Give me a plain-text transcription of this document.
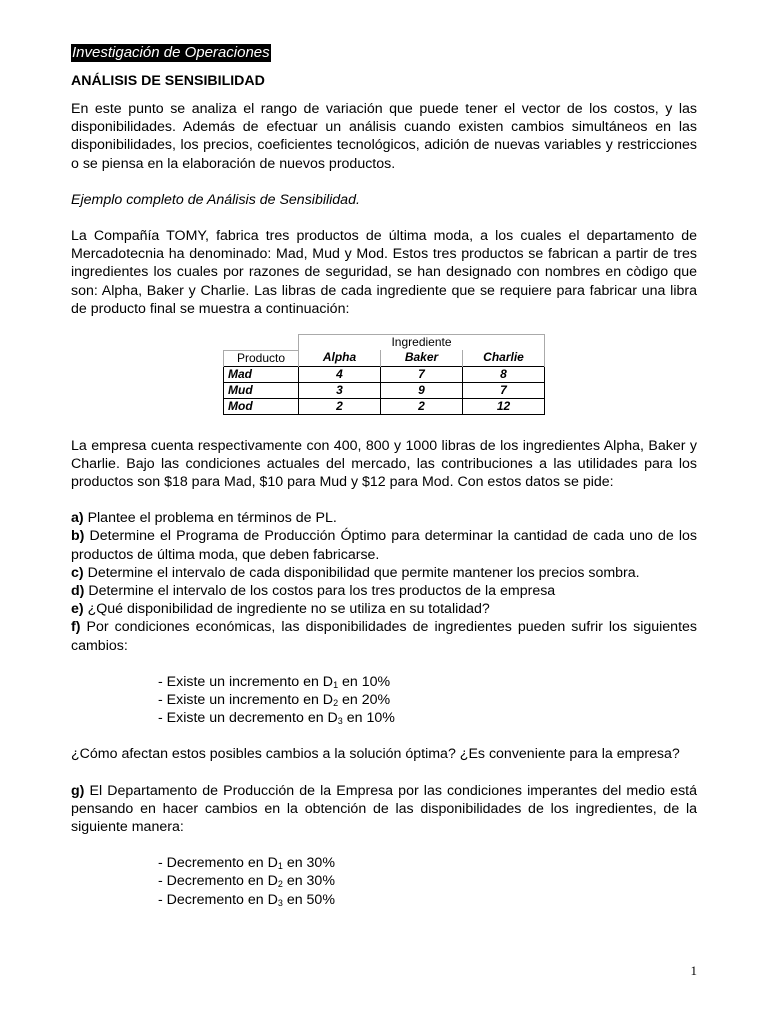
Investigación de Operaciones
ANÁLISIS DE SENSIBILIDAD

En este punto se analiza el rango de variación que puede tener el vector de los costos, y las disponibilidades. Además de efectuar un análisis cuando existen cambios simultáneos en las disponibilidades, los precios, coeficientes tecnológicos, adición de nuevas variables y restricciones o se piensa en la elaboración de nuevos productos.

Ejemplo completo de Análisis de Sensibilidad.

La Compañía TOMY, fabrica tres productos de última moda, a los cuales el departamento de Mercadotecnia ha denominado: Mad, Mud y Mod. Estos tres productos se fabrican a partir de tres ingredientes los cuales por razones de seguridad, se han designado con nombres en còdigo que son: Alpha, Baker y Charlie. Las libras de cada ingrediente que se requiere para fabricar una libra de producto final se muestra a continuación:

	Ingrediente		
Producto	Alpha	Baker	Charlie
Mad	4	7	8
Mud	3	9	7
Mod	2	2	12

La empresa cuenta respectivamente con 400, 800 y 1000 libras de los ingredientes Alpha, Baker y Charlie. Bajo las condiciones actuales del mercado, las contribuciones a las utilidades para los productos son $18 para Mad, $10 para Mud y $12 para Mod. Con estos datos se pide:

a) Plantee el problema en términos de PL.

b) Determine el Programa de Producción Óptimo para determinar la cantidad de cada uno de los productos de última moda, que deben fabricarse.

c) Determine el intervalo de cada disponibilidad que permite mantener los precios sombra.

d) Determine el intervalo de los costos para los tres productos de la empresa

e) ¿Qué disponibilidad de ingrediente no se utiliza en su totalidad?

f) Por condiciones económicas, las disponibilidades de ingredientes pueden sufrir los siguientes cambios:

- Existe un incremento en $D_1$ en 10%
- Existe un incremento en $D_2$ en 20%
- Existe un decremento en $D_3$ en 10%

¿Cómo afectan estos posibles cambios a la solución óptima? ¿Es conveniente para la empresa?

g) El Departamento de Producción de la Empresa por las condiciones imperantes del medio está pensando en hacer cambios en la obtención de las disponibilidades de los ingredientes, de la siguiente manera:

- Decremento en $D_1$ en 30%
- Decremento en $D_2$ en 30%
- Decremento en $D_3$ en 50%
1
